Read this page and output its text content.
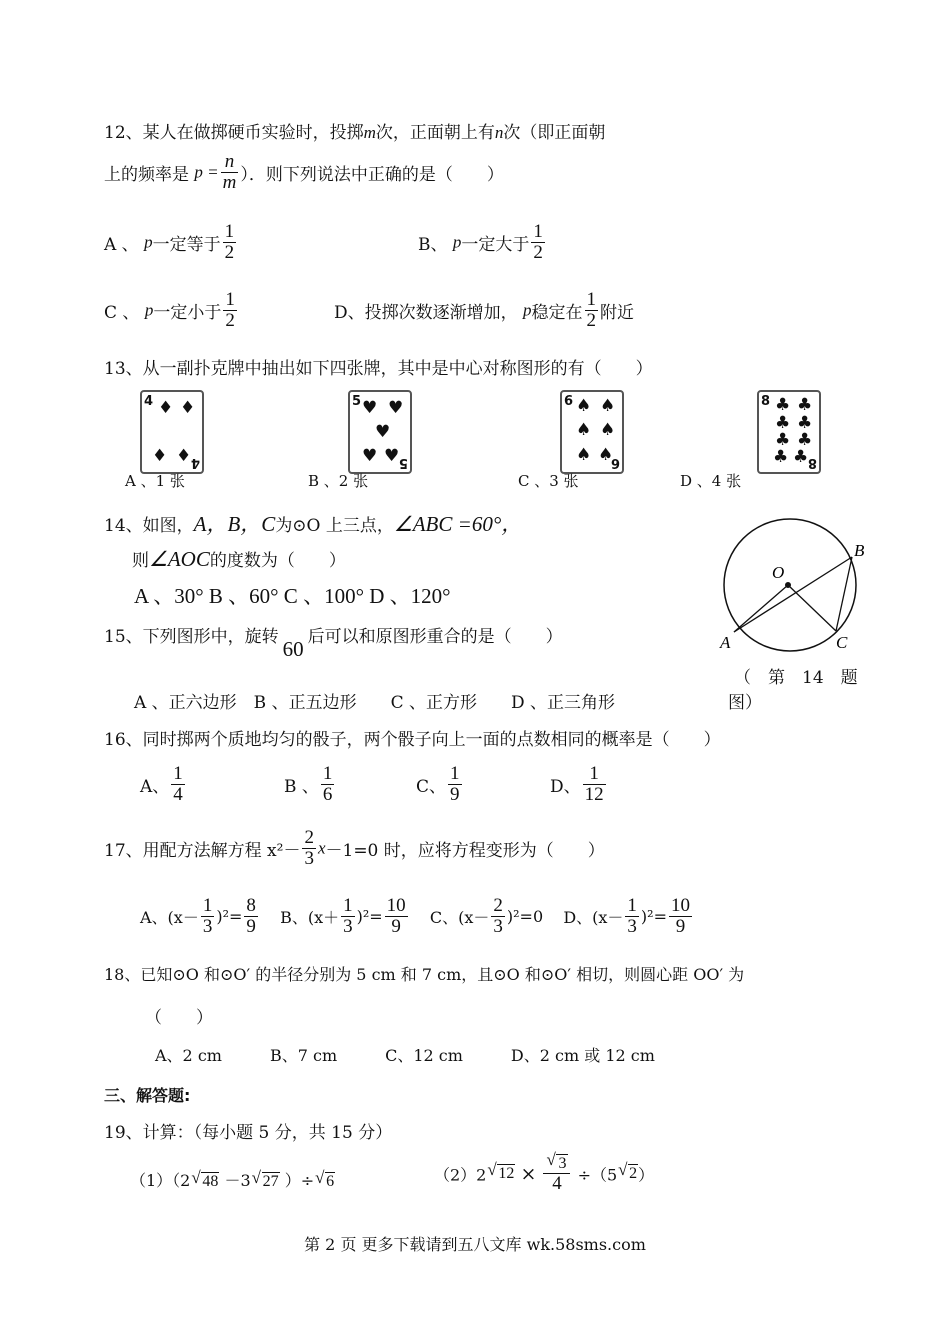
12、某人在做掷硬币实验时，投掷m次，正面朝上有n次（即正面朝
上的频率是 $p = \frac{n}{m}$ ）．则下列说法中正确的是（　　）
A 、 p一定等于 $\frac{1}{2}$	B、 p一定大于 $\frac{1}{2}$
C 、 p一定小于 $\frac{1}{2}$	D、投掷次数逐渐增加， p稳定在 $\frac{1}{2}$ 附近
13、从一副扑克牌中抽出如下四张牌，其中是中心对称图形的有（　　）
4 ♦ ♦
♦ ♦ 4
5 ♥ ♥
♥
♥ ♥ 5
6 ♠ ♠
♠ ♠
♠ ♠
6
8 ♣ ♣
♣ ♣
♣ ♣
♣ ♣ 8
A 、1 张	B 、2 张	C 、3 张	D 、4 张
14、如图，A，B，C为⊙O 上三点，∠ABC =60°，
则∠AOC的度数为（　　）
A 、30° B 、60° C 、100° D 、120°
A
B
C
O
（　第　14　题
图）
15、下列图形中，旋转 60 后可以和原图形重合的是（　　）
A 、正六边形　B 、正五边形　　C 、正方形　　D 、正三角形
16、同时掷两个质地均匀的骰子，两个骰子向上一面的点数相同的概率是（　　）
A、 $\frac{1}{4}$	B 、 $\frac{1}{6}$	C、 $\frac{1}{9}$	D、 $\frac{1}{12}$
17、用配方法解方程 $x^2- \frac{2}{3} x-1=0$ 时，应将方程变形为（　　）
A、$(x- \frac{1}{3} )^2= \frac{8}{9}$ B、$(x+ \frac{1}{3} )^2= \frac{10}{9}$ C、$(x- \frac{2}{3} )^2=0$ D、$(x- \frac{1}{3} )^2= \frac{10}{9}$
18、已知⊙O 和⊙O′ 的半径分别为 5 cm 和 7 cm，且⊙O 和⊙O′ 相切，则圆心距 OO′ 为
（　　）
A、2 cm　　　B、7 cm　　　C、12 cm　　　D、2 cm 或 12 cm
三、解答题:
19、计算：（每小题 5 分，共 15 分）
（1）（2√ 48 －3√ 27 ）÷√ 6	（2）2√ 12 ×
√ $\frac{3}{4} \div(5√$ 2）
第 2 页 更多下载请到五八文库 wk.58sms.com
